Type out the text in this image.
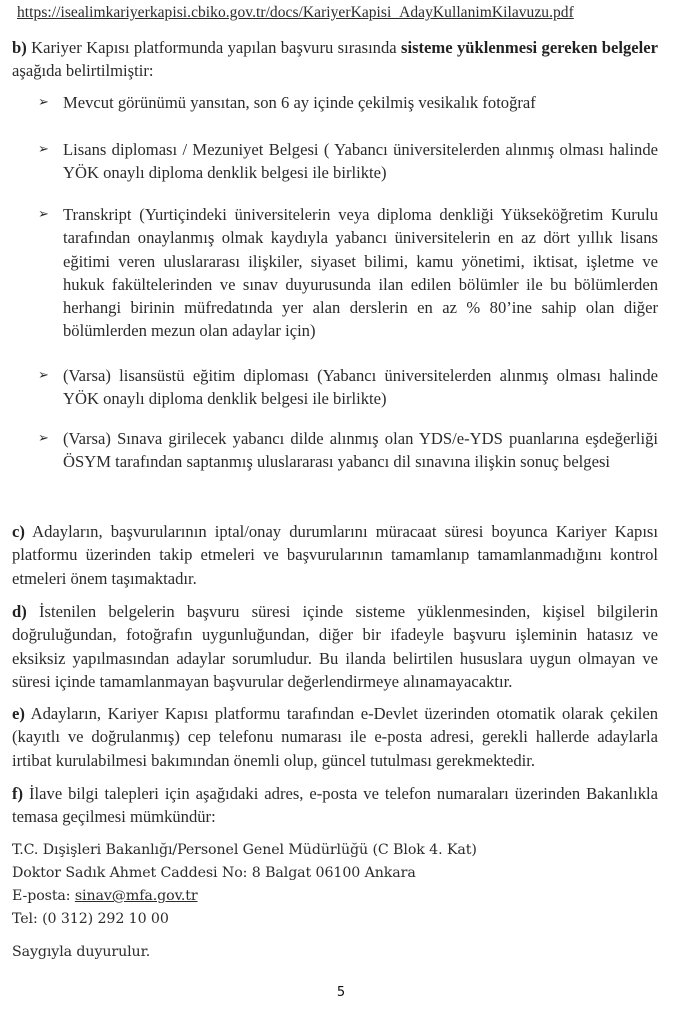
https://isealimkariyerkapisi.cbiko.gov.tr/docs/KariyerKapisi_AdayKullanimKilavuzu.pdf
b) Kariyer Kapısı platformunda yapılan başvuru sırasında sisteme yüklenmesi gereken belgeler aşağıda belirtilmiştir:
➢ Mevcut görünümü yansıtan, son 6 ay içinde çekilmiş vesikalık fotoğraf
➢ Lisans diploması / Mezuniyet Belgesi ( Yabancı üniversitelerden alınmış olması halinde YÖK onaylı diploma denklik belgesi ile birlikte)
➢ Transkript (Yurtiçindeki üniversitelerin veya diploma denkliği Yükseköğretim Kurulu tarafından onaylanmış olmak kaydıyla yabancı üniversitelerin en az dört yıllık lisans eğitimi veren uluslararası ilişkiler, siyaset bilimi, kamu yönetimi, iktisat, işletme ve hukuk fakültelerinden ve sınav duyurusunda ilan edilen bölümler ile bu bölümlerden herhangi birinin müfredatında yer alan derslerin en az % 80’ine sahip olan diğer bölümlerden mezun olan adaylar için)
➢ (Varsa) lisansüstü eğitim diploması (Yabancı üniversitelerden alınmış olması halinde YÖK onaylı diploma denklik belgesi ile birlikte)
➢ (Varsa) Sınava girilecek yabancı dilde alınmış olan YDS/e-YDS puanlarına eşdeğerliği ÖSYM tarafından saptanmış uluslararası yabancı dil sınavına ilişkin sonuç belgesi
c) Adayların, başvurularının iptal/onay durumlarını müracaat süresi boyunca Kariyer Kapısı platformu üzerinden takip etmeleri ve başvurularının tamamlanıp tamamlanmadığını kontrol etmeleri önem taşımaktadır.
d) İstenilen belgelerin başvuru süresi içinde sisteme yüklenmesinden, kişisel bilgilerin doğruluğundan, fotoğrafın uygunluğundan, diğer bir ifadeyle başvuru işleminin hatasız ve eksiksiz yapılmasından adaylar sorumludur. Bu ilanda belirtilen hususlara uygun olmayan ve süresi içinde tamamlanmayan başvurular değerlendirmeye alınamayacaktır.
e) Adayların, Kariyer Kapısı platformu tarafından e-Devlet üzerinden otomatik olarak çekilen (kayıtlı ve doğrulanmış) cep telefonu numarası ile e-posta adresi, gerekli hallerde adaylarla irtibat kurulabilmesi bakımından önemli olup, güncel tutulması gerekmektedir.
f) İlave bilgi talepleri için aşağıdaki adres, e-posta ve telefon numaraları üzerinden Bakanlıkla temasa geçilmesi mümkündür:
T.C. Dışişleri Bakanlığı/Personel Genel Müdürlüğü (C Blok 4. Kat)
Doktor Sadık Ahmet Caddesi No: 8 Balgat 06100 Ankara
E-posta: sinav@mfa.gov.tr
Tel: (0 312) 292 10 00
Saygıyla duyurulur.
5
